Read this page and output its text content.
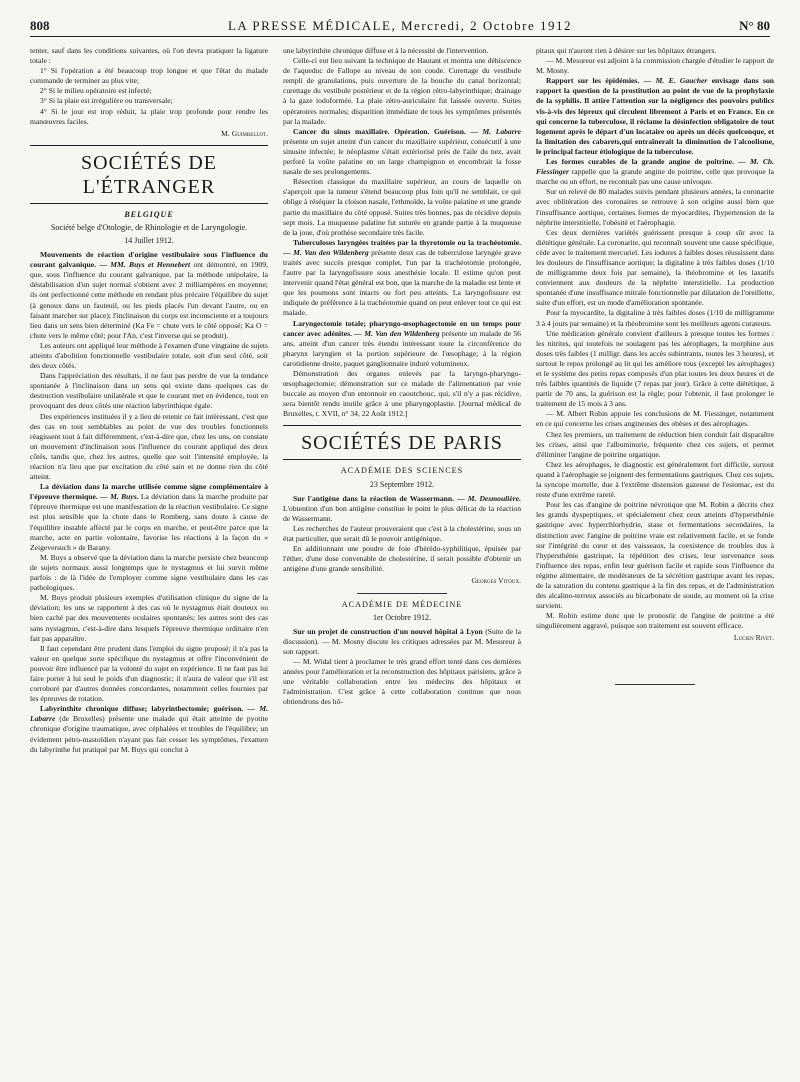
808	LA PRESSE MÉDICALE, Mercredi, 2 Octobre 1912	N° 80

tenter, sauf dans les conditions suivantes, où l'on devra pratiquer la ligature totale :

1° Si l'opération a été beaucoup trop longue et que l'état du malade commande de terminer au plus vite;

2° Si le milieu opératoire est infecté;

3° Si la plaie est irrégulière ou transversale;

4° Si le jour est trop réduit, la plaie trop profonde pour rendre les manœuvres faciles.

M. Guimbellot.
SOCIÉTÉS DE L'ÉTRANGER
BELGIQUE
Société belge d'Otologie, de Rhinologie et de Laryngologie.
14 Juillet 1912.

Mouvements de réaction d'origine vestibulaire sous l'influence du courant galvanique. — MM. Buys et Hennebert ont démontré, en 1909, que, sous l'influence du courant galvanique, par la méthode unipolaire, la déstabilisation d'un sujet normal s'obtient avec 2 milliampères en moyenne; ils ont perfectionné cette méthode en rendant plus précaire l'équilibre du sujet (à genoux dans un fauteuil, ou les pieds placés l'un devant l'autre, ou en faisant marcher sur place); l'inclinaison du corps est inconsciente et a toujours lieu dans un sens bien déterminé (Ka Fe = chute vers le côté opposé; Ka O = chute vers le même côté; pour l'An, c'est l'inverse qui se produit).

Les auteurs ont appliqué leur méthode à l'examen d'une vingtaine de sujets atteints d'abolition fonctionnelle vestibulaire totale, soit d'un seul côté, soit des deux côtés.

Dans l'appréciation des résultats, il ne faut pas perdre de vue la tendance spontanée à l'inclinaison dans un sens qui existe dans quelques cas de destruction vestibulaire unilatérale et que le courant met en évidence, tout en provoquant des deux côtés une réaction labyrinthique égale.

Des expériences instituées il y a lieu de retenir ce fait intéressant, c'est que des cas en tout semblables au point de vue des troubles fonctionnels réagissent tout à fait différemment, c'est-à-dire que, chez les uns, on constate un mouvement d'inclinaison sous l'influence du courant appliqué des deux côtés, tandis que, chez les autres, quelle que soit l'intensité employée, la réaction n'a lieu que par excitation du côté sain et ne donne rien du côté atteint.

La déviation dans la marche utilisée comme signe complémentaire à l'épreuve thermique. — M. Buys. La déviation dans la marche produite par l'épreuve thermique est une manifestation de la réaction vestibulaire. Ce signe est plus sensible que la chute dans le Romberg, sans doute à cause de l'équilibre instable affecté par le corps en marche, et peut-être parce que la marche, acte en partie volontaire, favorise les réactions à la façon du « Zeigeversuch » de Barany.

M. Buys a observé que la déviation dans la marche persiste chez beaucoup de sujets normaux aussi longtemps que le nystagmus et lui survit même parfois : de là l'idée de l'employer comme signe vestibulaire dans les cas pathologiques.

M. Buys produit plusieurs exemples d'utilisation clinique du signe de la déviation; les uns se rapportent à des cas où le nystagmus était douteux ou bien caché par des mouvements oculaires spontanés; les autres sont des cas sans nystagmus, c'est-à-dire dans lesquels l'épreuve thermique ordinaire n'en fait pas apparaître.

Il faut cependant être prudent dans l'emploi du signe proposé; il n'a pas la valeur en quelque sorte spécifique du nystagmus et offre l'inconvénient de pouvoir être influencé par la volonté du sujet en expérience. Il ne faut pas lui faire porter à lui seul le poids d'un diagnostic; il n'aura de valeur que s'il est corroboré par d'autres données concordantes, notamment celles fournies par les épreuves de rotation.

Labyrinthite chronique diffuse; labyrinthectomie; guérison. — M. Labarre (de Bruxelles) présente une malade qui était atteinte de pyotite chronique d'origine traumatique, avec céphalées et troubles de l'équilibre; un évidement pétro-mastoïdien n'ayant pas fait cesser les symptômes, l'examen du labyrinthe fut pratiqué par M. Buys qui conclut à

une labyrinthite chronique diffuse et à la nécessité de l'intervention.

Celle-ci eut lieu suivant la technique de Hautant et montra une déhiscence de l'aqueduc de Fallope au niveau de son coude. Curettage du vestibule rempli de granulations, puis ouverture de la bouche du canal horizontal; curettage du vestibule postérieur et de la région rétro-labyrinthique; drainage à la gaze iodoformée. La plaie rétro-auriculaire fut laissée ouverte. Suites opératoires normales; disparition immédiate de tous les symptômes présentés par la malade.

Cancer du sinus maxillaire. Opération. Guérison. — M. Labarre présente un sujet atteint d'un cancer du maxillaire supérieur, consécutif à une sinusite infectée; le néoplasme s'était extériorisé près de l'aile du nez, avait perforé la voûte palatine en un large champignon et encombrait la fosse nasale de ses prolongements.

Résection classique du maxillaire supérieur, au cours de laquelle on s'aperçoit que la tumeur s'étend beaucoup plus loin qu'il ne semblait, ce qui oblige à réséquer la cloison nasale, l'ethmoïde, la voûte palatine et une grande partie du maxillaire du côté opposé. Suites très bonnes, pas de récidive depuis sept mois. La muqueuse palatine fut suturée en grande partie à la muqueuse de la joue, d'où prothèse secondaire très facile.

Tuberculoses laryngées traitées par la thyrotomie ou la trachéotomie. — M. Van den Wildenberg présente deux cas de tuberculose laryngée grave traités avec succès presque complet, l'un par la trachéotomie prolongée, l'autre par la laryngofissure sous anesthésie locale. Il estime qu'on peut intervenir quand l'état général est bon, que la marche de la maladie est lente et que les poumons sont intacts ou fort peu atteints. La laryngofissure est indiquée de préférence à la trachéotomie quand on peut enlever tout ce qui est malade.

Laryngectomie totale; pharyngo-œsophagectomie en un temps pour cancer avec adénites. — M. Van den Wildenberg présente un malade de 56 ans, atteint d'un cancer très étendu intéressant toute la circonférence du pharynx laryngien et la portion supérieure de l'œsophage; à la région carotidienne droite, paquet ganglionnaire induré volumineux.

Démonstration des organes enlevés par la laryngo-pharyngo-œsophagectomie; démonstration sur ce malade de l'alimentation par voie buccale au moyen d'un entonnoir en caoutchouc, qui, s'il n'y a pas récidive, sera bientôt rendu inutile grâce à une pharyngoplastie. [Journal médical de Bruxelles, t. XVII, n° 34, 22 Août 1912.]

SOCIÉTÉS DE PARIS
ACADÉMIE DES SCIENCES
23 Septembre 1912.

Sur l'antigène dans la réaction de Wassermann. — M. Desmoulière. L'obtention d'un bon antigène constitue le point le plus délicat de la réaction de Wassermann.

Les recherches de l'auteur prouveraient que c'est à la cholestérine, sous un état particulier, que serait dû le pouvoir antigénique.

En additionnant une poudre de foie d'hérédo-syphilitique, épuisée par l'éther, d'une dose convenable de cholestérine, il serait possible d'obtenir un antigène d'une grande sensibilité.

Georges Vitoux.
ACADÉMIE DE MÉDECINE
1er Octobre 1912.

Sur un projet de construction d'un nouvel hôpital à Lyon (Suite de la discussion). — M. Mosny discute les critiques adressées par M. Mesureur à son rapport.

— M. Widal tient à proclamer le très grand effort tenté dans ces dernières années pour l'amélioration et la reconstruction des hôpitaux parisiens, grâce à une véritable collaboration entre les médecins des hôpitaux et l'administration. C'est grâce à cette collaboration continue que nous obtiendrons des hô-

pitaux qui n'auront rien à désirer sur les hôpitaux étrangers.

— M. Mesureur est adjoint à la commission chargée d'étudier le rapport de M. Mosny.

Rapport sur les épidémies. — M. E. Gaucher envisage dans son rapport la question de la prostitution au point de vue de la prophylaxie de la syphilis. Il attire l'attention sur la négligence des pouvoirs publics vis-à-vis des lépreux qui circulent librement à Paris et en France. En ce qui concerne la tuberculose, il réclame la désinfection obligatoire de tout logement après le départ d'un locataire ou après un décès quelconque, et la limitation des cabarets,qui entraînerait la diminution de l'alcoolisme, le principal facteur étiologique de la tuberculose.

Les formes curables de la grande angine de poitrine. — M. Ch. Fiessinger rappelle que la grande angine de poitrine, celle que provoque la marche ou un effort, ne reconnaît pas une cause univoque.

Sur un relevé de 80 malades suivis pendant plusieurs années, la coronarite avec oblitération des coronaires se retrouve à son origine aussi bien que l'insuffisance aortique, certaines formes de myocardites, l'hypertension de la néphrite interstitielle, l'obésité et l'aérophagie.

Ces deux dernières variétés guérissent presque à coup sûr avec la diététique générale. La coronarite, qui reconnaît souvent une cause spécifique, cède avec le traitement mercuriel. Les iodures à faibles doses réussissent dans les douleurs de l'insuffisance aortique; la digitaline à très faibles doses (1/10 de milligramme deux fois par semaine), la théobromine et les laxatifs conviennent aux douleurs de la néphrite interstitielle. La production spontanée d'une insuffisance mitrale fonctionnelle par dilatation de l'oreillette, suite d'un effort, est un mode d'amélioration spontanée.

Pour la myocardite, la digitaline à très faibles doses (1/10 de milligramme 3 à 4 jours par semaine) et la théobromine sont les meilleurs agents curateurs.

Une médication générale convient d'ailleurs à presque toutes les formes : les nitrites, qui toutefois ne soulagent pas les aérophages, la morphine aux doses très faibles (1 milligr. dans les accès subintrants, toutes les 3 heures), et surtout le repos prolongé au lit qui les améliore tous (excepté les aérophages) et le système des petits repas composés d'un plat toutes les deux heures et de très faibles quantités de liquide (7 repas par jour). Grâce à cette diététique, à partir de 70 ans, la guérison est la règle; pour l'obtenir, il faut prolonger le traitement de 15 mois à 3 ans.

— M. Albert Robin appuie les conclusions de M. Fiessinger, notamment en ce qui concerne les crises angineuses des obèses et des aérophages.

Chez les premiers, un traitement de réduction bien conduit fait disparaître les crises, ainsi que l'albuminurie, fréquente chez ces sujets, et permet d'éliminer l'angine de poitrine organique.

Chez les aérophages, le diagnostic est généralement fort difficile, surtout quand à l'aérophagie se joignent des fermentations gastriques. Chez ces sujets, la syncope mortelle, due à l'extrême distension gazeuse de l'estomac, est du reste d'une extrême rareté.

Pour les cas d'angine de poitrine névrotique que M. Robin a décrits chez les grands dyspeptiques, et spécialement chez ceux atteints d'hypersthénie gastrique avec hyperchlorhydrie, stase et fermentations secondaires, la distinction avec l'angine de poitrine vraie est relativement facile, et se fonde sur l'intégrité du cœur et des vaisseaux, la coexistence de troubles dus à l'hypersthénie gastrique, la répétition des crises, leur survenance sous l'influence des repas, enfin leur guérison facile et rapide sous l'influence du régime alimentaire, de modérateurs de la sécrétion gastrique avant les repas, de la saturation du contenu gastrique à la fin des repas, et de l'administration des alcalino-terreux associés au bicarbonate de soude, au moment où la crise survient.

M. Robin estime donc que le pronostic de l'angine de poitrine a été singulièrement aggravé, puisque son traitement est souvent efficace.

Lucien Rivet.
